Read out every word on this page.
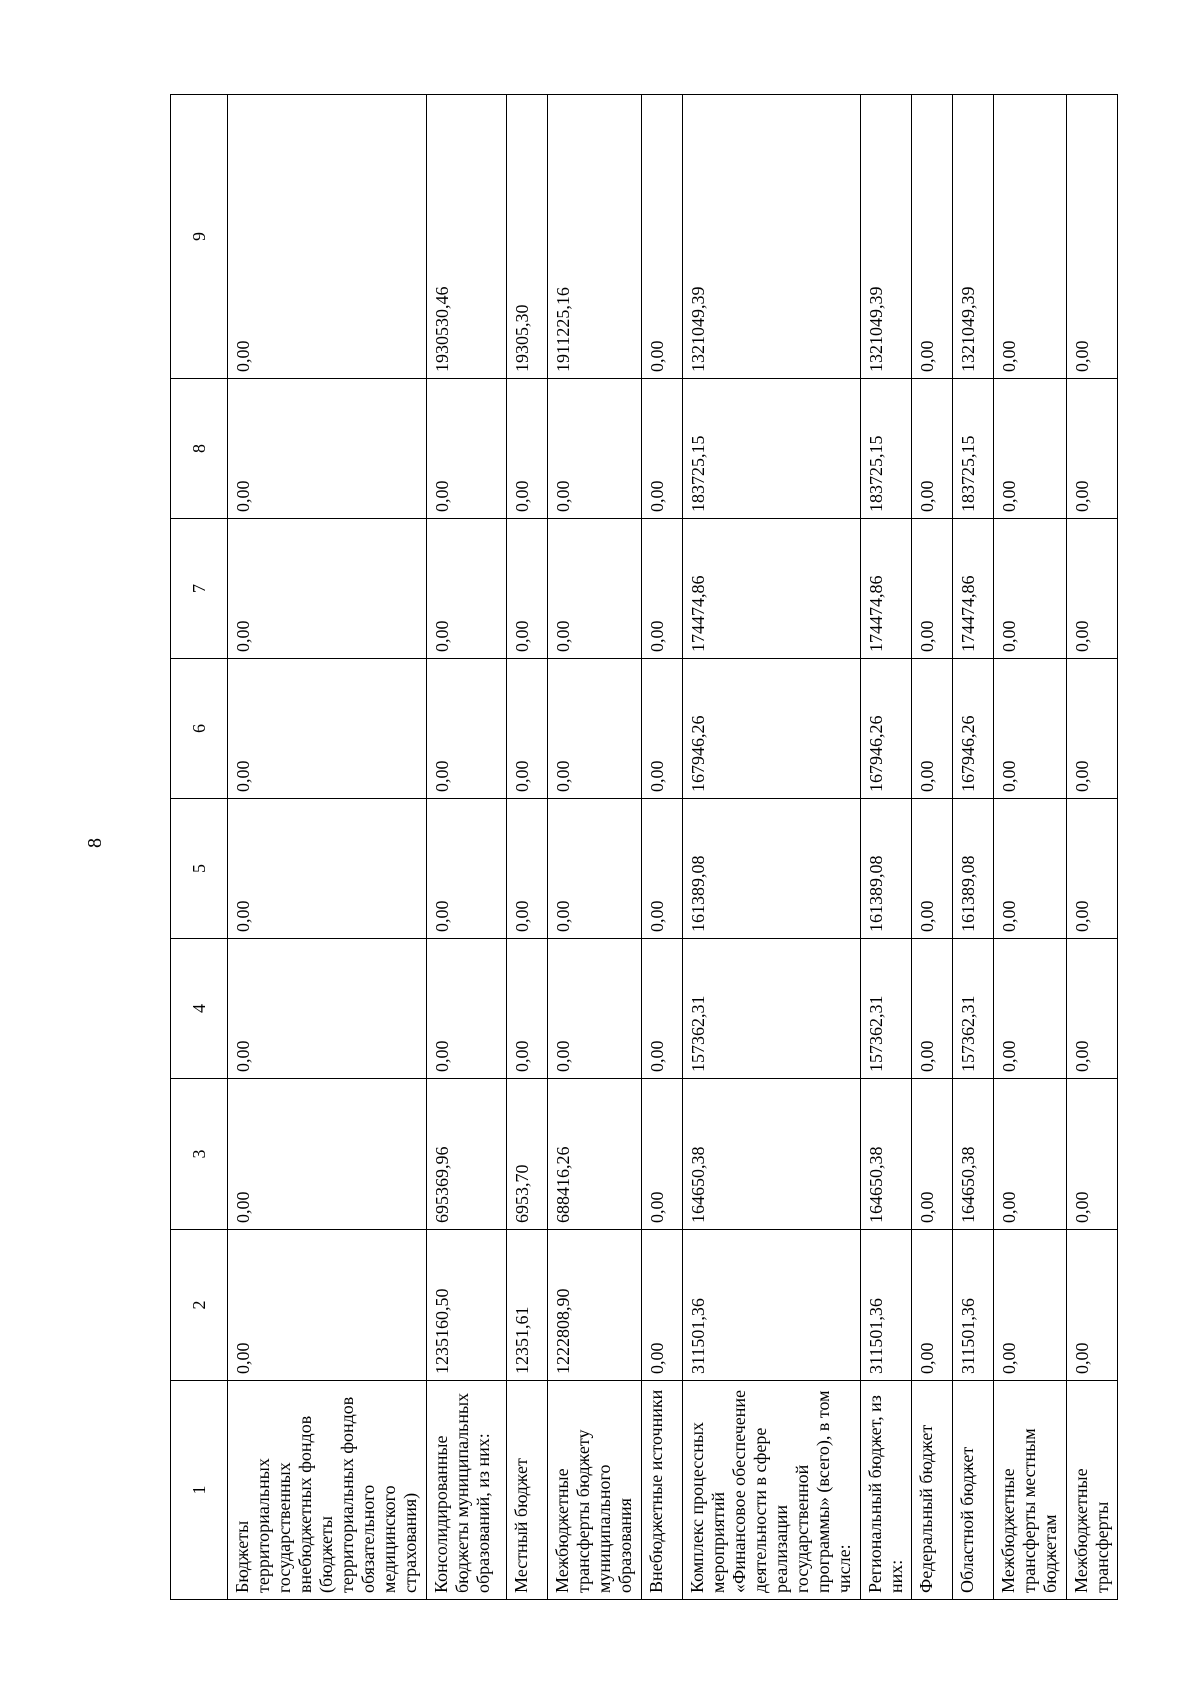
8
1	2	3	4	5	6	7	8	9
Бюджеты территориальных государственных внебюджетных фондов (бюджеты территориальных фондов обязательного медицинского страхования)	0,00	0,00	0,00	0,00	0,00	0,00	0,00	0,00
Консолидированные бюджеты муниципальных образований, из них:	1235160,50	695369,96	0,00	0,00	0,00	0,00	0,00	1930530,46
Местный бюджет	12351,61	6953,70	0,00	0,00	0,00	0,00	0,00	19305,30
Межбюджетные трансферты бюджету муниципального образования	1222808,90	688416,26	0,00	0,00	0,00	0,00	0,00	1911225,16
Внебюджетные источники	0,00	0,00	0,00	0,00	0,00	0,00	0,00	0,00
Комплекс процессных мероприятий «Финансовое обеспечение деятельности в сфере реализации государственной программы» (всего), в том числе:	311501,36	164650,38	157362,31	161389,08	167946,26	174474,86	183725,15	1321049,39
Региональный бюджет, из них:	311501,36	164650,38	157362,31	161389,08	167946,26	174474,86	183725,15	1321049,39
Федеральный бюджет	0,00	0,00	0,00	0,00	0,00	0,00	0,00	0,00
Областной бюджет	311501,36	164650,38	157362,31	161389,08	167946,26	174474,86	183725,15	1321049,39
Межбюджетные трансферты местным бюджетам	0,00	0,00	0,00	0,00	0,00	0,00	0,00	0,00
Межбюджетные трансферты	0,00	0,00	0,00	0,00	0,00	0,00	0,00	0,00
